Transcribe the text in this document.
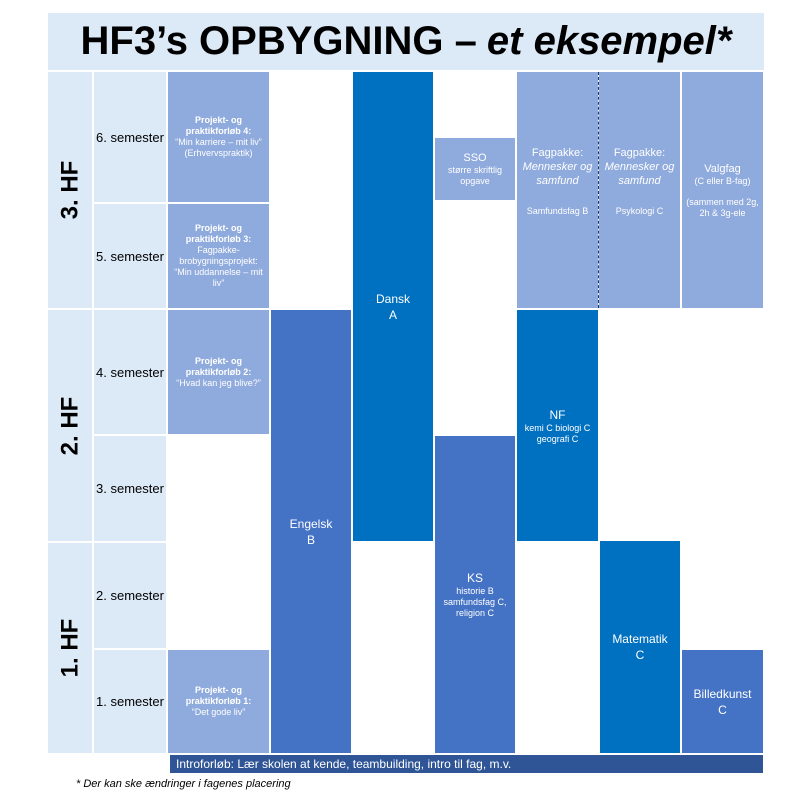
HF3’s OPBYGNING – et eksempel*
3. HF
2. HF
1. HF
6. semester
5. semester
4. semester
3. semester
2. semester
1. semester
Projekt- og praktikforløb 4:
“Min karriere – mit liv” (Erhvervspraktik)
Projekt- og praktikforløb 3:
Fagpakke-brobygningsprojekt: “Min uddannelse – mit liv”
Projekt- og praktikforløb 2:
“Hvad kan jeg blive?”
Projekt- og praktikforløb 1:
“Det gode liv”
Engelsk
B
Dansk
A
SSO
større skriftlig opgave
KS
historie B samfundsfag C, religion C
Fagpakke:
Mennesker og samfund
Samfundsfag B
Fagpakke:
Mennesker og samfund
Psykologi C
NF
kemi C biologi C geografi C
Valgfag
(C eller B-fag)
(sammen med 2g, 2h & 3g-ele
Matematik
C
Billedkunst
C
Introforløb: Lær skolen at kende, teambuilding, intro til fag, m.v.
* Der kan ske ændringer i fagenes placering
